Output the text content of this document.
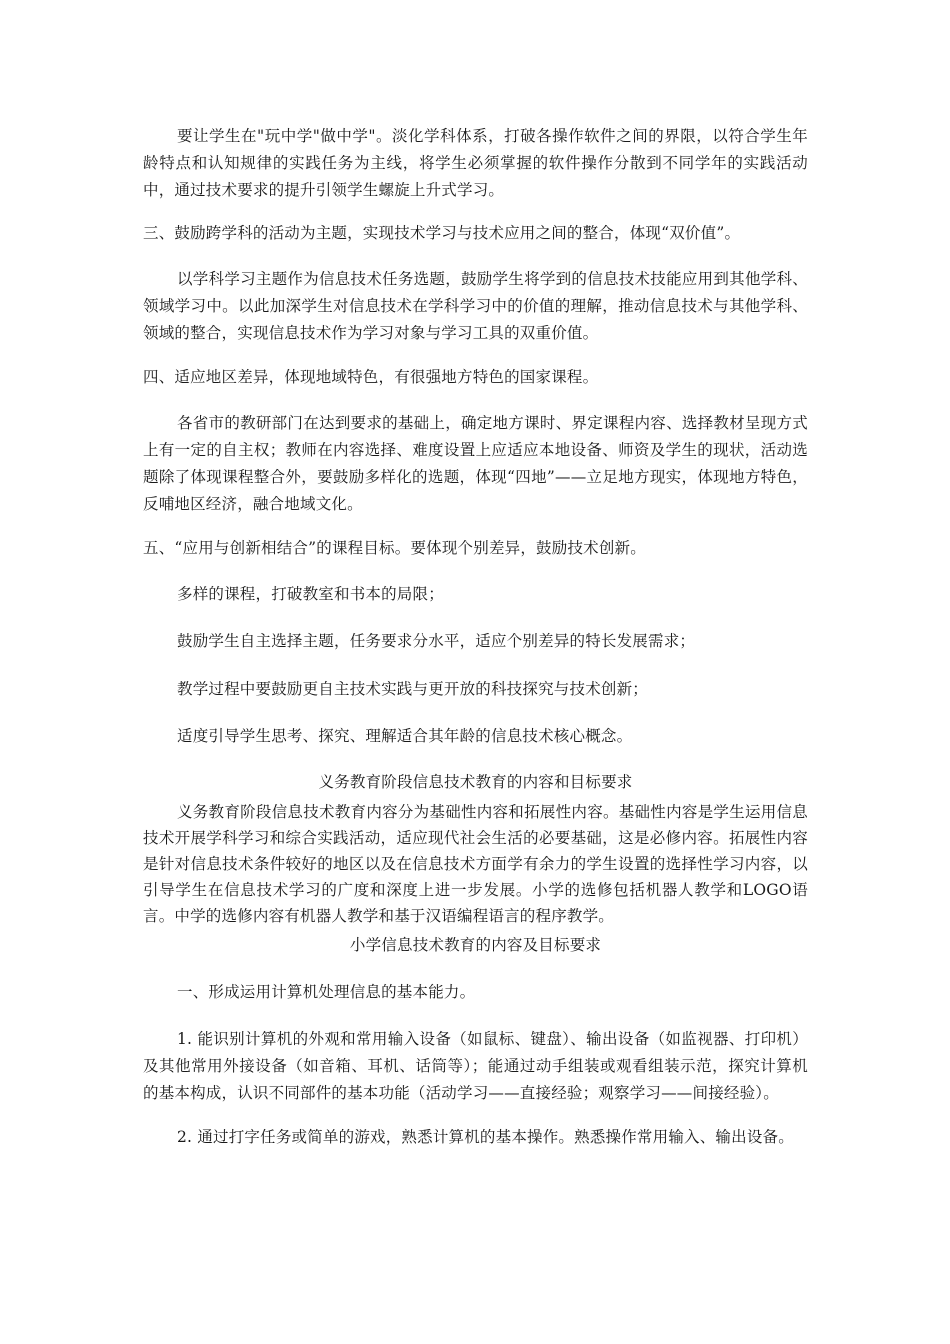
要让学生在"玩中学"做中学"。淡化学科体系，打破各操作软件之间的界限，以符合学生年龄特点和认知规律的实践任务为主线，将学生必须掌握的软件操作分散到不同学年的实践活动中，通过技术要求的提升引领学生螺旋上升式学习。

三、鼓励跨学科的活动为主题，实现技术学习与技术应用之间的整合，体现“双价值”。

以学科学习主题作为信息技术任务选题，鼓励学生将学到的信息技术技能应用到其他学科、领域学习中。以此加深学生对信息技术在学科学习中的价值的理解，推动信息技术与其他学科、领域的整合，实现信息技术作为学习对象与学习工具的双重价值。

四、适应地区差异，体现地域特色，有很强地方特色的国家课程。

各省市的教研部门在达到要求的基础上，确定地方课时、界定课程内容、选择教材呈现方式上有一定的自主权；教师在内容选择、难度设置上应适应本地设备、师资及学生的现状，活动选题除了体现课程整合外，要鼓励多样化的选题，体现“四地”——立足地方现实，体现地方特色，反哺地区经济，融合地域文化。

五、“应用与创新相结合”的课程目标。要体现个别差异，鼓励技术创新。

多样的课程，打破教室和书本的局限；

鼓励学生自主选择主题，任务要求分水平，适应个别差异的特长发展需求；

教学过程中要鼓励更自主技术实践与更开放的科技探究与技术创新；

适度引导学生思考、探究、理解适合其年龄的信息技术核心概念。

义务教育阶段信息技术教育的内容和目标要求

义务教育阶段信息技术教育内容分为基础性内容和拓展性内容。基础性内容是学生运用信息技术开展学科学习和综合实践活动，适应现代社会生活的必要基础，这是必修内容。拓展性内容是针对信息技术条件较好的地区以及在信息技术方面学有余力的学生设置的选择性学习内容，以引导学生在信息技术学习的广度和深度上进一步发展。小学的选修包括机器人教学和LOGO语言。中学的选修内容有机器人教学和基于汉语编程语言的程序教学。

小学信息技术教育的内容及目标要求

一、形成运用计算机处理信息的基本能力。

1. 能识别计算机的外观和常用输入设备（如鼠标、键盘）、输出设备（如监视器、打印机）及其他常用外接设备（如音箱、耳机、话筒等）；能通过动手组装或观看组装示范，探究计算机的基本构成，认识不同部件的基本功能（活动学习——直接经验；观察学习——间接经验）。

2. 通过打字任务或简单的游戏，熟悉计算机的基本操作。熟悉操作常用输入、输出设备。
